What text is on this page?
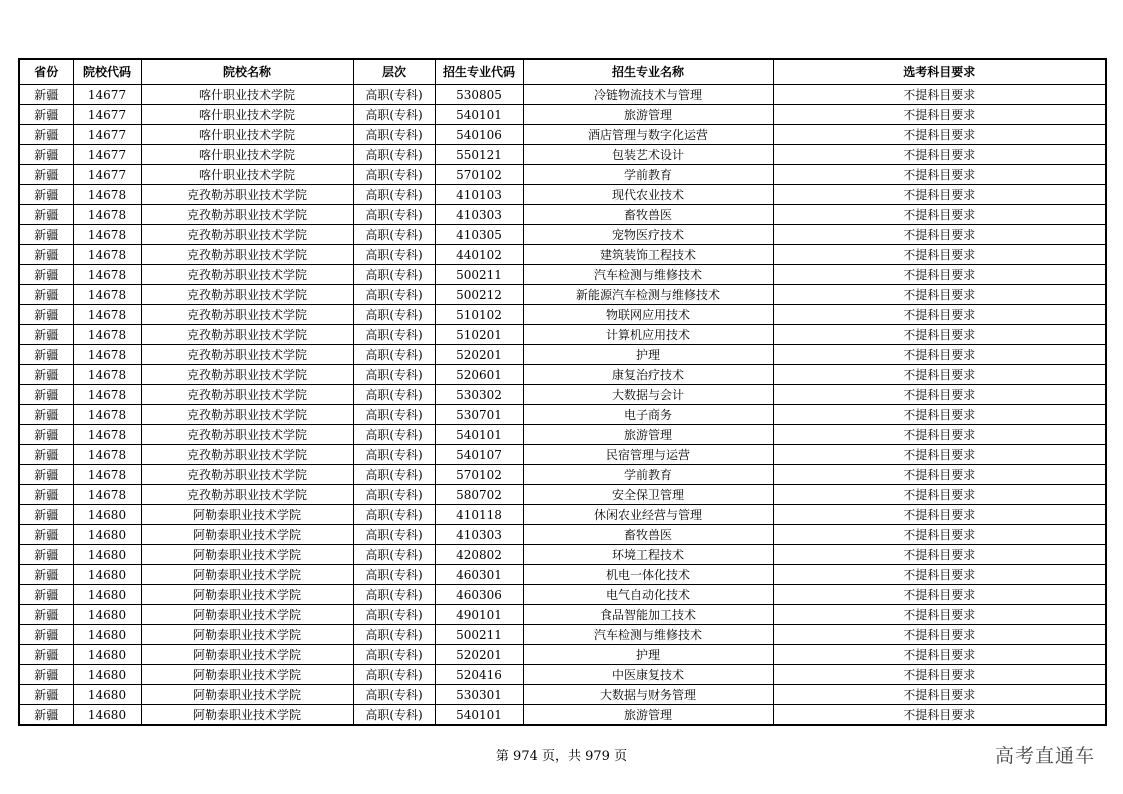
省份	院校代码	院校名称	层次	招生专业代码	招生专业名称	选考科目要求
新疆	14677	喀什职业技术学院	高职(专科)	530805	冷链物流技术与管理	不提科目要求
新疆	14677	喀什职业技术学院	高职(专科)	540101	旅游管理	不提科目要求
新疆	14677	喀什职业技术学院	高职(专科)	540106	酒店管理与数字化运营	不提科目要求
新疆	14677	喀什职业技术学院	高职(专科)	550121	包装艺术设计	不提科目要求
新疆	14677	喀什职业技术学院	高职(专科)	570102	学前教育	不提科目要求
新疆	14678	克孜勒苏职业技术学院	高职(专科)	410103	现代农业技术	不提科目要求
新疆	14678	克孜勒苏职业技术学院	高职(专科)	410303	畜牧兽医	不提科目要求
新疆	14678	克孜勒苏职业技术学院	高职(专科)	410305	宠物医疗技术	不提科目要求
新疆	14678	克孜勒苏职业技术学院	高职(专科)	440102	建筑装饰工程技术	不提科目要求
新疆	14678	克孜勒苏职业技术学院	高职(专科)	500211	汽车检测与维修技术	不提科目要求
新疆	14678	克孜勒苏职业技术学院	高职(专科)	500212	新能源汽车检测与维修技术	不提科目要求
新疆	14678	克孜勒苏职业技术学院	高职(专科)	510102	物联网应用技术	不提科目要求
新疆	14678	克孜勒苏职业技术学院	高职(专科)	510201	计算机应用技术	不提科目要求
新疆	14678	克孜勒苏职业技术学院	高职(专科)	520201	护理	不提科目要求
新疆	14678	克孜勒苏职业技术学院	高职(专科)	520601	康复治疗技术	不提科目要求
新疆	14678	克孜勒苏职业技术学院	高职(专科)	530302	大数据与会计	不提科目要求
新疆	14678	克孜勒苏职业技术学院	高职(专科)	530701	电子商务	不提科目要求
新疆	14678	克孜勒苏职业技术学院	高职(专科)	540101	旅游管理	不提科目要求
新疆	14678	克孜勒苏职业技术学院	高职(专科)	540107	民宿管理与运营	不提科目要求
新疆	14678	克孜勒苏职业技术学院	高职(专科)	570102	学前教育	不提科目要求
新疆	14678	克孜勒苏职业技术学院	高职(专科)	580702	安全保卫管理	不提科目要求
新疆	14680	阿勒泰职业技术学院	高职(专科)	410118	休闲农业经营与管理	不提科目要求
新疆	14680	阿勒泰职业技术学院	高职(专科)	410303	畜牧兽医	不提科目要求
新疆	14680	阿勒泰职业技术学院	高职(专科)	420802	环境工程技术	不提科目要求
新疆	14680	阿勒泰职业技术学院	高职(专科)	460301	机电一体化技术	不提科目要求
新疆	14680	阿勒泰职业技术学院	高职(专科)	460306	电气自动化技术	不提科目要求
新疆	14680	阿勒泰职业技术学院	高职(专科)	490101	食品智能加工技术	不提科目要求
新疆	14680	阿勒泰职业技术学院	高职(专科)	500211	汽车检测与维修技术	不提科目要求
新疆	14680	阿勒泰职业技术学院	高职(专科)	520201	护理	不提科目要求
新疆	14680	阿勒泰职业技术学院	高职(专科)	520416	中医康复技术	不提科目要求
新疆	14680	阿勒泰职业技术学院	高职(专科)	530301	大数据与财务管理	不提科目要求
新疆	14680	阿勒泰职业技术学院	高职(专科)	540101	旅游管理	不提科目要求
第 974 页，共 979 页	高考直通车
